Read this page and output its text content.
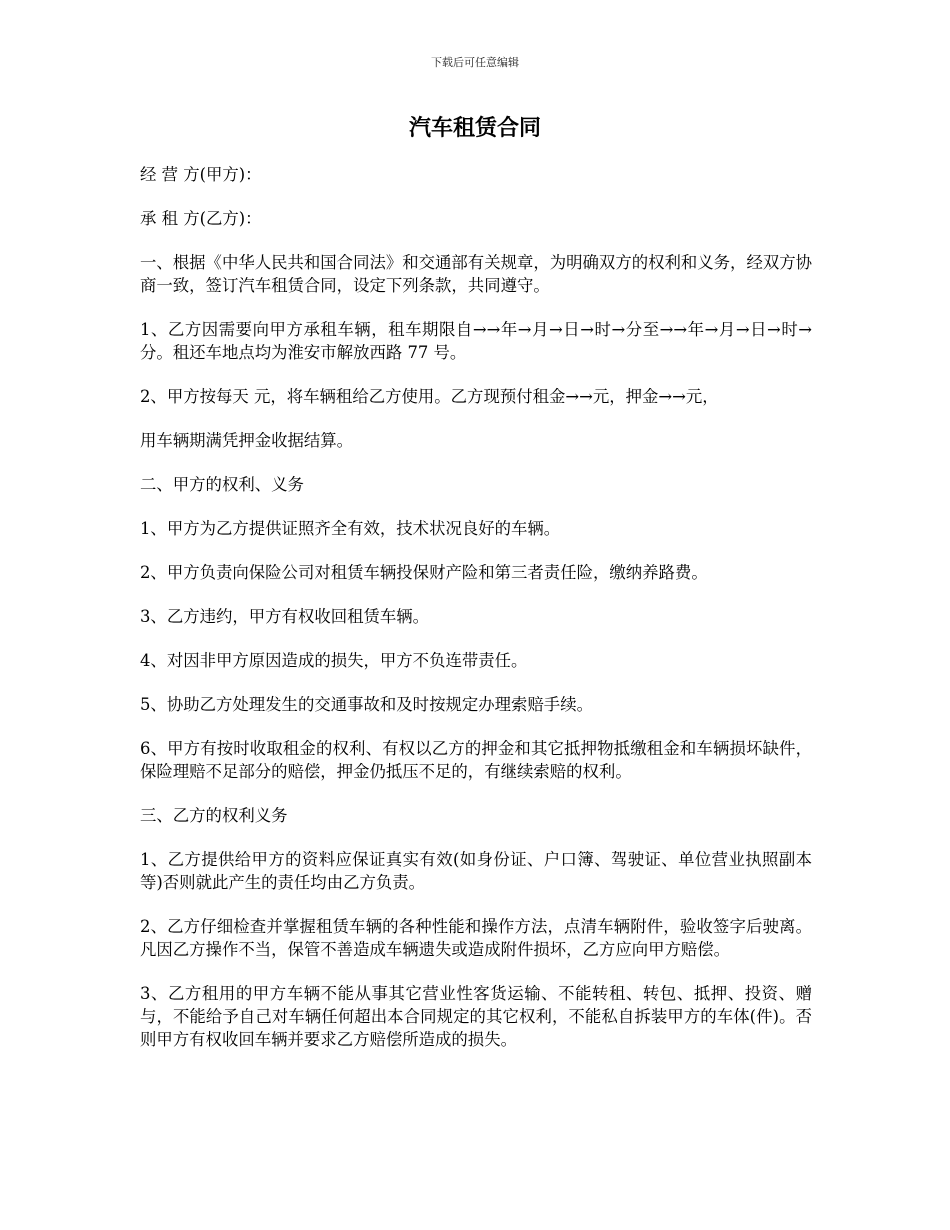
下载后可任意编辑
汽车租赁合同

经 营 方(甲方)：

承 租 方(乙方)：

一、根据《中华人民共和国合同法》和交通部有关规章，为明确双方的权利和义务，经双方协商一致，签订汽车租赁合同，设定下列条款，共同遵守。

1、乙方因需要向甲方承租车辆，租车期限自→→年→月→日→时→分至→→年→月→日→时→分。租还车地点均为淮安市解放西路 77 号。

2、甲方按每天 元，将车辆租给乙方使用。乙方现预付租金→→元，押金→→元，

用车辆期满凭押金收据结算。

二、甲方的权利、义务

1、甲方为乙方提供证照齐全有效，技术状况良好的车辆。

2、甲方负责向保险公司对租赁车辆投保财产险和第三者责任险，缴纳养路费。

3、乙方违约，甲方有权收回租赁车辆。

4、对因非甲方原因造成的损失，甲方不负连带责任。

5、协助乙方处理发生的交通事故和及时按规定办理索赔手续。

6、甲方有按时收取租金的权利、有权以乙方的押金和其它抵押物抵缴租金和车辆损坏缺件，保险理赔不足部分的赔偿，押金仍抵压不足的，有继续索赔的权利。

三、乙方的权利义务

1、乙方提供给甲方的资料应保证真实有效(如身份证、户口簿、驾驶证、单位营业执照副本等)否则就此产生的责任均由乙方负责。

2、乙方仔细检查并掌握租赁车辆的各种性能和操作方法，点清车辆附件，验收签字后驶离。凡因乙方操作不当，保管不善造成车辆遗失或造成附件损坏，乙方应向甲方赔偿。

3、乙方租用的甲方车辆不能从事其它营业性客货运输、不能转租、转包、抵押、投资、赠与，不能给予自己对车辆任何超出本合同规定的其它权利，不能私自拆装甲方的车体(件)。否则甲方有权收回车辆并要求乙方赔偿所造成的损失。
